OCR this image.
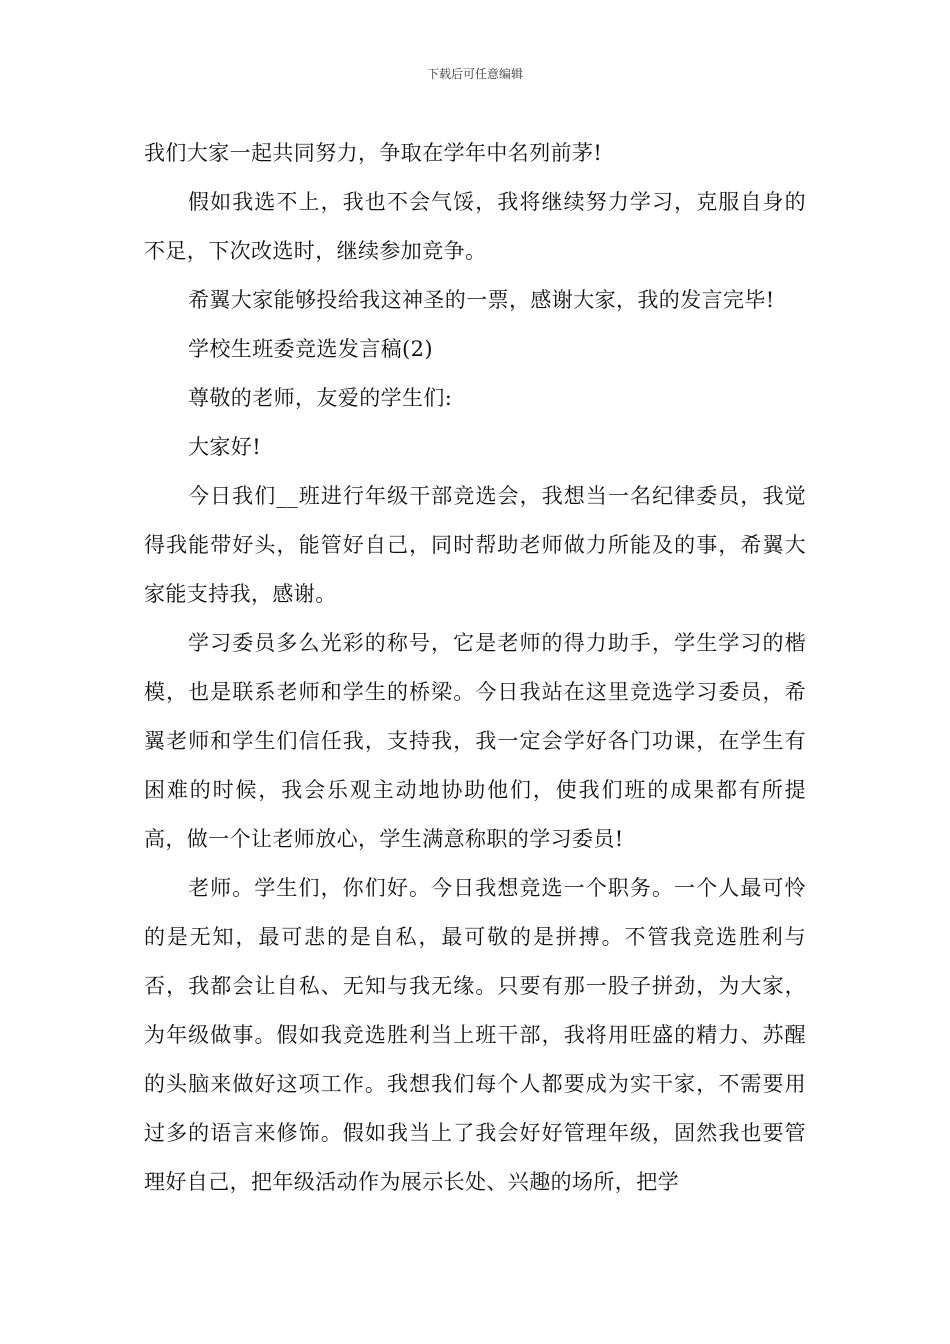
下载后可任意编辑

我们大家一起共同努力，争取在学年中名列前茅!

假如我选不上，我也不会气馁，我将继续努力学习，克服自身的不足，下次改选时，继续参加竞争。

希翼大家能够投给我这神圣的一票，感谢大家，我的发言完毕!

学校生班委竞选发言稿(2)

尊敬的老师，友爱的学生们:

大家好!

今日我们__班进行年级干部竞选会，我想当一名纪律委员，我觉得我能带好头，能管好自己，同时帮助老师做力所能及的事，希翼大家能支持我，感谢。

学习委员多么光彩的称号，它是老师的得力助手，学生学习的楷模，也是联系老师和学生的桥梁。今日我站在这里竞选学习委员，希翼老师和学生们信任我，支持我，我一定会学好各门功课，在学生有困难的时候，我会乐观主动地协助他们，使我们班的成果都有所提高，做一个让老师放心，学生满意称职的学习委员!

老师。学生们，你们好。今日我想竞选一个职务。一个人最可怜的是无知，最可悲的是自私，最可敬的是拼搏。不管我竞选胜利与否，我都会让自私、无知与我无缘。只要有那一股子拼劲，为大家，为年级做事。假如我竞选胜利当上班干部，我将用旺盛的精力、苏醒的头脑来做好这项工作。我想我们每个人都要成为实干家，不需要用过多的语言来修饰。假如我当上了我会好好管理年级，固然我也要管理好自己，把年级活动作为展示长处、兴趣的场所，把学
